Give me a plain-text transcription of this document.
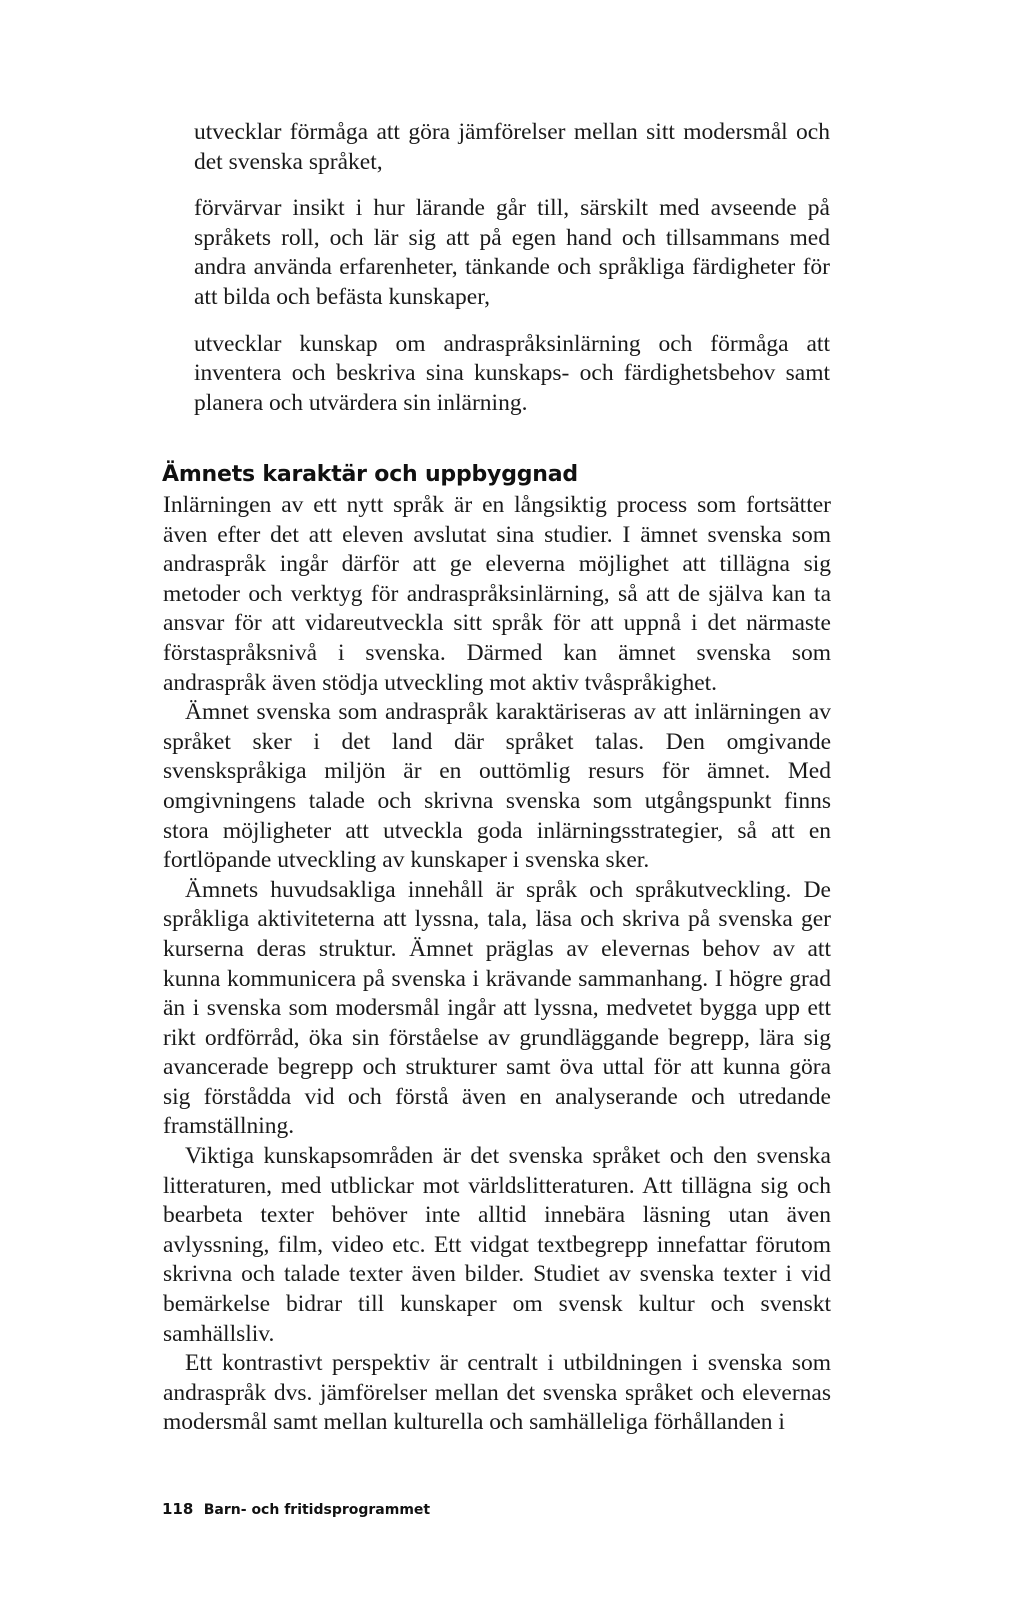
utvecklar förmåga att göra jämförelser mellan sitt modersmål och det svenska språket,

förvärvar insikt i hur lärande går till, särskilt med avseende på språkets roll, och lär sig att på egen hand och tillsammans med andra använda erfarenheter, tänkande och språkliga färdigheter för att bilda och befästa kunskaper,

utvecklar kunskap om andraspråksinlärning och förmåga att inventera och beskriva sina kunskaps- och färdighetsbehov samt planera och utvärdera sin inlärning.

Ämnets karaktär och uppbyggnad

Inlärningen av ett nytt språk är en långsiktig process som fortsätter även efter det att eleven avslutat sina studier. I ämnet svenska som andraspråk ingår därför att ge eleverna möjlighet att tillägna sig metoder och verktyg för andraspråksinlärning, så att de själva kan ta ansvar för att vidareutveckla sitt språk för att uppnå i det närmaste förstaspråksnivå i svenska. Därmed kan ämnet svenska som andraspråk även stödja utveckling mot aktiv tvåspråkighet.

Ämnet svenska som andraspråk karaktäriseras av att inlärningen av språket sker i det land där språket talas. Den omgivande svenskspråkiga miljön är en outtömlig resurs för ämnet. Med omgivningens talade och skrivna svenska som utgångspunkt finns stora möjligheter att utveckla goda inlärningsstrategier, så att en fortlöpande utveckling av kunskaper i svenska sker.

Ämnets huvudsakliga innehåll är språk och språkutveckling. De språkliga aktiviteterna att lyssna, tala, läsa och skriva på svenska ger kurserna deras struktur. Ämnet präglas av elevernas behov av att kunna kommunicera på svenska i krävande sammanhang. I högre grad än i svenska som modersmål ingår att lyssna, medvetet bygga upp ett rikt ordförråd, öka sin förståelse av grundläggande begrepp, lära sig avancerade begrepp och strukturer samt öva uttal för att kunna göra sig förstådda vid och förstå även en analyserande och utredande framställning.

Viktiga kunskapsområden är det svenska språket och den svenska litteraturen, med utblickar mot världslitteraturen. Att tillägna sig och bearbeta texter behöver inte alltid innebära läsning utan även avlyssning, film, video etc. Ett vidgat textbegrepp innefattar förutom skrivna och talade texter även bilder. Studiet av svenska texter i vid bemärkelse bidrar till kunskaper om svensk kultur och svenskt samhällsliv.

Ett kontrastivt perspektiv är centralt i utbildningen i svenska som andraspråk dvs. jämförelser mellan det svenska språket och elevernas modersmål samt mellan kulturella och samhälleliga förhållanden i

118 Barn- och fritidsprogrammet
